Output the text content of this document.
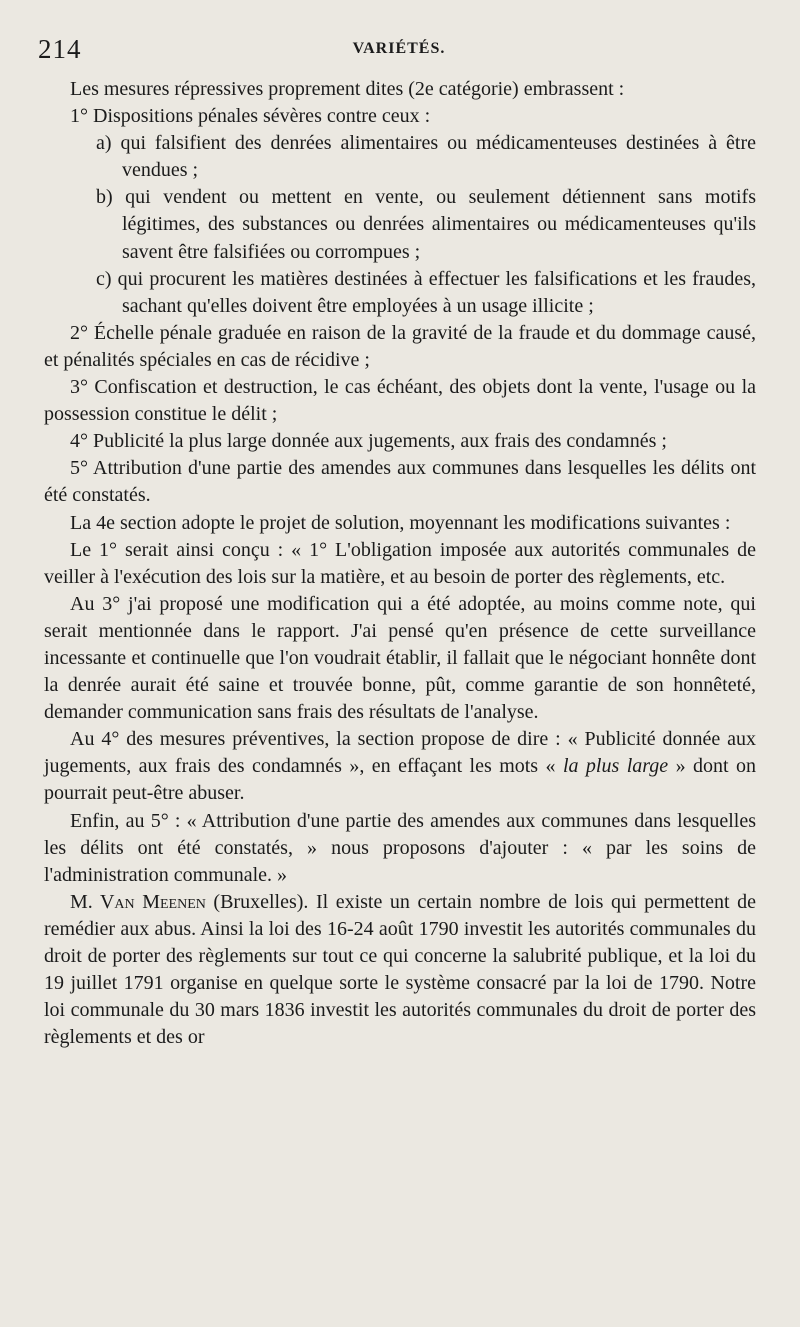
214	VARIÉTÉS.

Les mesures répressives proprement dites (2e catégorie) embrassent :

1° Dispositions pénales sévères contre ceux :

a) qui falsifient des denrées alimentaires ou médicamenteuses destinées à être vendues ;

b) qui vendent ou mettent en vente, ou seulement détiennent sans motifs légitimes, des substances ou denrées alimentaires ou médicamenteuses qu'ils savent être falsifiées ou corrompues ;

c) qui procurent les matières destinées à effectuer les falsifications et les fraudes, sachant qu'elles doivent être employées à un usage illicite ;

2° Échelle pénale graduée en raison de la gravité de la fraude et du dommage causé, et pénalités spéciales en cas de récidive ;

3° Confiscation et destruction, le cas échéant, des objets dont la vente, l'usage ou la possession constitue le délit ;

4° Publicité la plus large donnée aux jugements, aux frais des condamnés ;

5° Attribution d'une partie des amendes aux communes dans lesquelles les délits ont été constatés.

La 4e section adopte le projet de solution, moyennant les modifications suivantes :

Le 1° serait ainsi conçu : « 1° L'obligation imposée aux autorités communales de veiller à l'exécution des lois sur la matière, et au besoin de porter des règlements, etc.

Au 3° j'ai proposé une modification qui a été adoptée, au moins comme note, qui serait mentionnée dans le rapport. J'ai pensé qu'en présence de cette surveillance incessante et continuelle que l'on voudrait établir, il fallait que le négociant honnête dont la denrée aurait été saine et trouvée bonne, pût, comme garantie de son honnêteté, demander communication sans frais des résultats de l'analyse.

Au 4° des mesures préventives, la section propose de dire : « Publicité donnée aux jugements, aux frais des condamnés », en effaçant les mots « la plus large » dont on pourrait peut-être abuser.

Enfin, au 5° : « Attribution d'une partie des amendes aux communes dans lesquelles les délits ont été constatés, » nous proposons d'ajouter : « par les soins de l'administration communale. »

M. Van Meenen (Bruxelles). Il existe un certain nombre de lois qui permettent de remédier aux abus. Ainsi la loi des 16-24 août 1790 investit les autorités communales du droit de porter des règlements sur tout ce qui concerne la salubrité publique, et la loi du 19 juillet 1791 organise en quelque sorte le système consacré par la loi de 1790. Notre loi communale du 30 mars 1836 investit les autorités communales du droit de porter des règlements et des or
